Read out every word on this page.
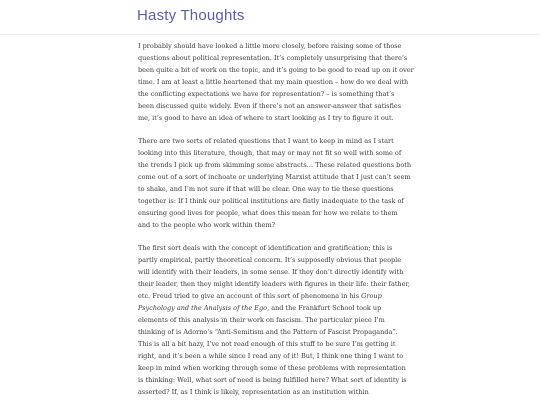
Hasty Thoughts

I probably should have looked a little more closely, before raising some of those
questions about political representation. It’s completely unsurprising that there’s
been quite a bit of work on the topic, and it’s going to be good to read up on it over
time. I am at least a little heartened that my main question – how do we deal with
the conflicting expectations we have for representation? – is something that’s
been discussed quite widely. Even if there’s not an answer-answer that satisfies
me, it’s good to have an idea of where to start looking as I try to figure it out.

There are two sorts of related questions that I want to keep in mind as I start
looking into this literature, though, that may or may not fit so well with some of
the trends I pick up from skimming some abstracts… These related questions both
come out of a sort of inchoate or underlying Marxist attitude that I just can’t seem
to shake, and I’m not sure if that will be clear. One way to tie these questions
together is: If I think our political institutions are flatly inadequate to the task of
ensuring good lives for people, what does this mean for how we relate to them
and to the people who work within them?

The first sort deals with the concept of identification and gratification; this is
partly empirical, partly theoretical concern. It’s supposedly obvious that people
will identify with their leaders, in some sense. If they don’t directly identify with
their leader, then they might identify leaders with figures in their life: their father,
etc. Freud tried to give an account of this sort of phenomena in his Group
Psychology and the Analysis of the Ego, and the Frankfurt School took up
elements of this analysis in their work on fascism. The particular piece I’m
thinking of is Adorno’s “Anti-Semitism and the Pattern of Fascist Propaganda”.
This is all a bit hazy, I’ve not read enough of this stuff to be sure I’m getting it
right, and it’s been a while since I read any of it! But, I think one thing I want to
keep in mind when working through some of these problems with representation
is thinking: Well, what sort of need is being fulfilled here? What sort of identity is
asserted? If, as I think is likely, representation as an institution within
